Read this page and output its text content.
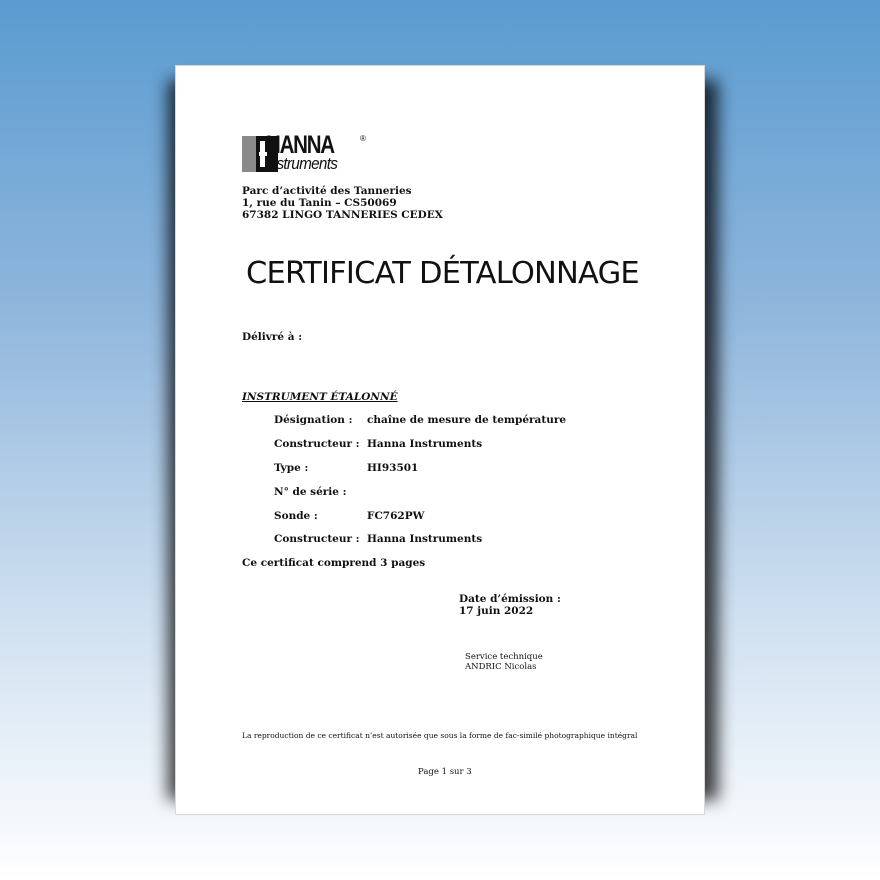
HANNA	®
instruments
Parc d’activité des Tanneries
1, rue du Tanin – CS50069
67382 LINGO TANNERIES CEDEX
CERTIFICAT DÉTALONNAGE
Délivré à :
INSTRUMENT ÉTALONNÉ
Désignation : chaîne de mesure de température
Constructeur : Hanna Instruments
Type :	HI93501
N° de série :
Sonde :	FC762PW
Constructeur : Hanna Instruments
Ce certificat comprend 3 pages
Date d’émission :
17 juin 2022
Service technique
ANDRIC Nicolas
La reproduction de ce certificat n’est autorisée que sous la forme de fac-similé photographique intégral
Page 1 sur 3
